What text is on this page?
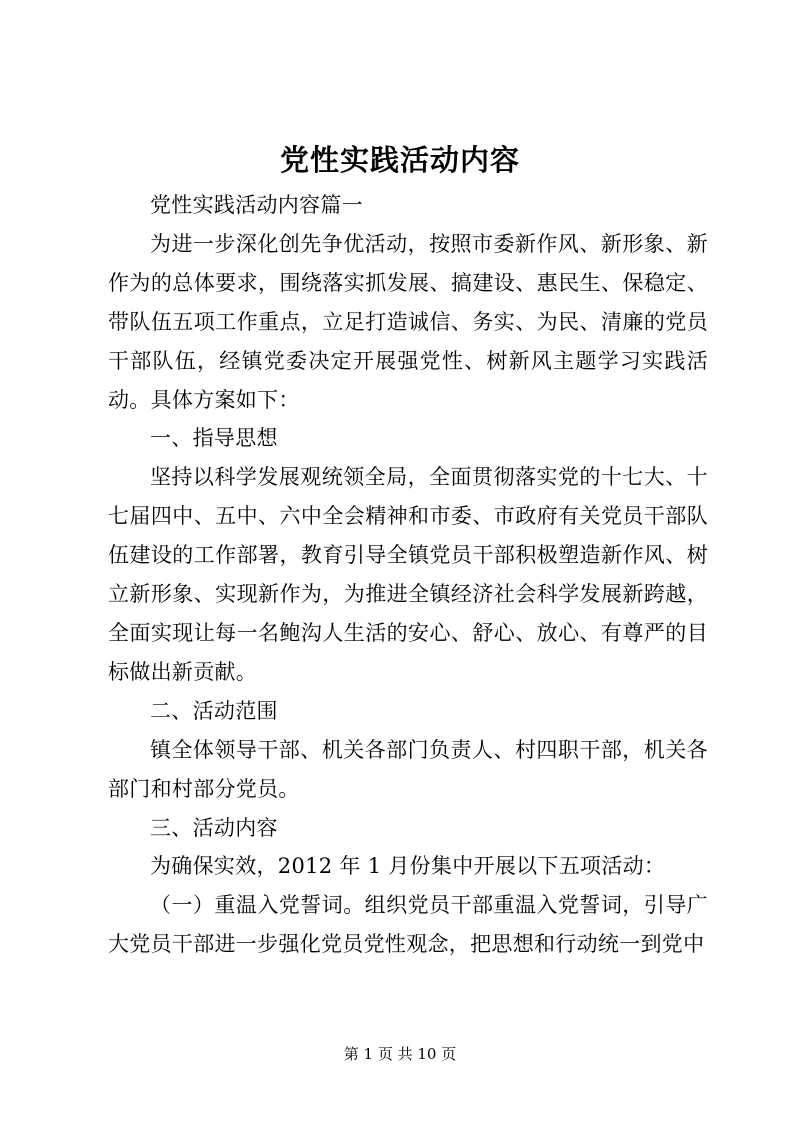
党性实践活动内容

党性实践活动内容篇一

为进一步深化创先争优活动，按照市委新作风、新形象、新作为的总体要求，围绕落实抓发展、搞建设、惠民生、保稳定、带队伍五项工作重点，立足打造诚信、务实、为民、清廉的党员干部队伍，经镇党委决定开展强党性、树新风主题学习实践活动。具体方案如下：

一、指导思想

坚持以科学发展观统领全局，全面贯彻落实党的十七大、十七届四中、五中、六中全会精神和市委、市政府有关党员干部队伍建设的工作部署，教育引导全镇党员干部积极塑造新作风、树立新形象、实现新作为，为推进全镇经济社会科学发展新跨越，全面实现让每一名鲍沟人生活的安心、舒心、放心、有尊严的目标做出新贡献。

二、活动范围

镇全体领导干部、机关各部门负责人、村四职干部，机关各部门和村部分党员。

三、活动内容

为确保实效，2012 年 1 月份集中开展以下五项活动：

（一）重温入党誓词。组织党员干部重温入党誓词，引导广大党员干部进一步强化党员党性观念，把思想和行动统一到党中

第 1 页 共 10 页
